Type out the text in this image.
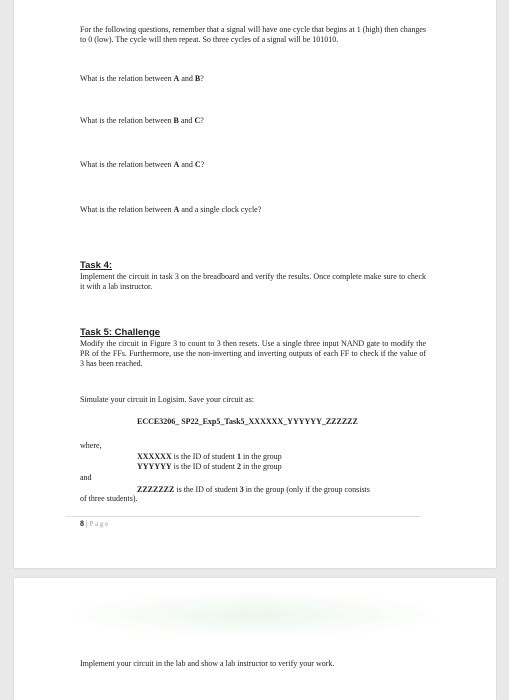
For the following questions, remember that a signal will have one cycle that begins at 1 (high) then changes to 0 (low). The cycle will then repeat. So three cycles of a signal will be 101010.
What is the relation between A and B?
What is the relation between B and C?
What is the relation between A and C?
What is the relation between A and a single clock cycle?
Task 4:
Implement the circuit in task 3 on the breadboard and verify the results. Once complete make sure to check it with a lab instructor.
Task 5: Challenge
Modify the circuit in Figure 3 to count to 3 then resets. Use a single three input NAND gate to modify the PR of the FFs. Furthermore, use the non-inverting and inverting outputs of each FF to check if the value of 3 has been reached.
Simulate your circuit in Logisim. Save your circuit as:
ECCE3206_ SP22_Exp5_Task5_XXXXXX_YYYYYY_ZZZZZZ
where,
XXXXXX is the ID of student 1 in the group
YYYYYY is the ID of student 2 in the group
and
ZZZZZZZ is the ID of student 3 in the group (only if the group consists
of three students).
8 | P a g e
Implement your circuit in the lab and show a lab instructor to verify your work.
